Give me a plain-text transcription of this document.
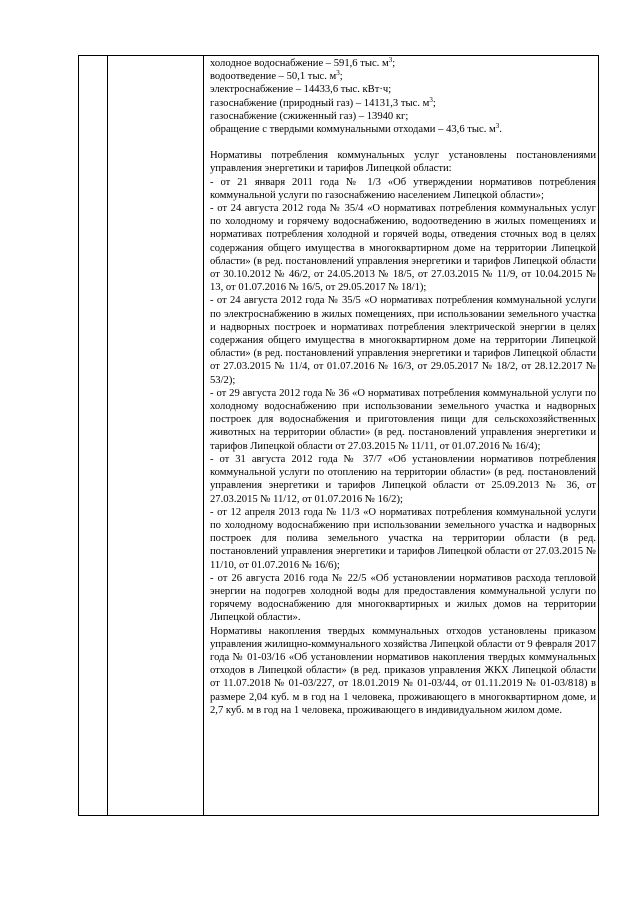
холодное водоснабжение – 591,6 тыс. $м^3$;
водоотведение – 50,1 тыс. $м^3$;
электроснабжение – 14433,6 тыс. кВт·ч;
газоснабжение (природный газ) – 14131,3 тыс. $м^3$;
газоснабжение (сжиженный газ) – 13940 кг;
обращение с твердыми коммунальными отходами – 43,6 тыс. $м^3$.

Нормативы потребления коммунальных услуг установлены постановлениями управления энергетики и тарифов Липецкой области:

- от 21 января 2011 года № 1/3 «Об утверждении нормативов потребления коммунальной услуги по газоснабжению населением Липецкой области»;

- от 24 августа 2012 года № 35/4 «О нормативах потребления коммунальных услуг по холодному и горячему водоснабжению, водоотведению в жилых помещениях и нормативах потребления холодной и горячей воды, отведения сточных вод в целях содержания общего имущества в многоквартирном доме на территории Липецкой области» (в ред. постановлений управления энергетики и тарифов Липецкой области от 30.10.2012 № 46/2, от 24.05.2013 № 18/5, от 27.03.2015 № 11/9, от 10.04.2015 № 13, от 01.07.2016 № 16/5, от 29.05.2017 № 18/1);

- от 24 августа 2012 года № 35/5 «О нормативах потребления коммунальной услуги по электроснабжению в жилых помещениях, при использовании земельного участка и надворных построек и нормативах потребления электрической энергии в целях содержания общего имущества в многоквартирном доме на территории Липецкой области» (в ред. постановлений управления энергетики и тарифов Липецкой области от 27.03.2015 № 11/4, от 01.07.2016 № 16/3, от 29.05.2017 № 18/2, от 28.12.2017 № 53/2);

- от 29 августа 2012 года № 36 «О нормативах потребления коммунальной услуги по холодному водоснабжению при использовании земельного участка и надворных построек для водоснабжения и приготовления пищи для сельскохозяйственных животных на территории области» (в ред. постановлений управления энергетики и тарифов Липецкой области от 27.03.2015 № 11/11, от 01.07.2016 № 16/4);

- от 31 августа 2012 года № 37/7 «Об установлении нормативов потребления коммунальной услуги по отоплению на территории области» (в ред. постановлений управления энергетики и тарифов Липецкой области от 25.09.2013 № 36, от 27.03.2015 № 11/12, от 01.07.2016 № 16/2);

- от 12 апреля 2013 года № 11/3 «О нормативах потребления коммунальной услуги по холодному водоснабжению при использовании земельного участка и надворных построек для полива земельного участка на территории области (в ред. постановлений управления энергетики и тарифов Липецкой области от 27.03.2015 № 11/10, от 01.07.2016 № 16/6);

- от 26 августа 2016 года № 22/5 «Об установлении нормативов расхода тепловой энергии на подогрев холодной воды для предоставления коммунальной услуги по горячему водоснабжению для многоквартирных и жилых домов на территории Липецкой области».

Нормативы накопления твердых коммунальных отходов установлены приказом управления жилищно-коммунального хозяйства Липецкой области от 9 февраля 2017 года № 01-03/16 «Об установлении нормативов накопления твердых коммунальных отходов в Липецкой области» (в ред. приказов управления ЖКХ Липецкой области от 11.07.2018 № 01-03/227, от 18.01.2019 № 01-03/44, от 01.11.2019 № 01-03/818) в размере 2,04 куб. м в год на 1 человека, проживающего в многоквартирном доме, и 2,7 куб. м в год на 1 человека, проживающего в индивидуальном жилом доме.
